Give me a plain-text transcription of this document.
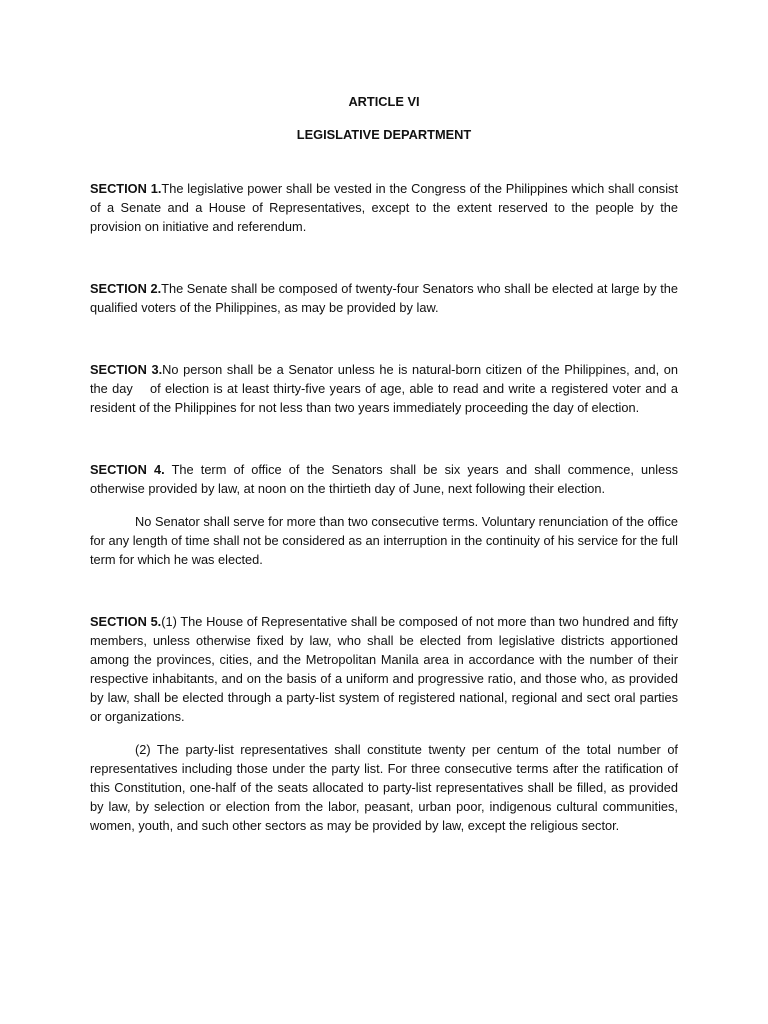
ARTICLE VI
LEGISLATIVE DEPARTMENT

SECTION 1.The legislative power shall be vested in the Congress of the Philippines which shall consist of a Senate and a House of Representatives, except to the extent reserved to the people by the provision on initiative and referendum.

SECTION 2.The Senate shall be composed of twenty-four Senators who shall be elected at large by the qualified voters of the Philippines, as may be provided by law.

SECTION 3.No person shall be a Senator unless he is natural-born citizen of the Philippines, and, on the day of election is at least thirty-five years of age, able to read and write a registered voter and a resident of the Philippines for not less than two years immediately proceeding the day of election.

SECTION 4. The term of office of the Senators shall be six years and shall commence, unless otherwise provided by law, at noon on the thirtieth day of June, next following their election.

No Senator shall serve for more than two consecutive terms. Voluntary renunciation of the office for any length of time shall not be considered as an interruption in the continuity of his service for the full term for which he was elected.

SECTION 5.(1) The House of Representative shall be composed of not more than two hundred and fifty members, unless otherwise fixed by law, who shall be elected from legislative districts apportioned among the provinces, cities, and the Metropolitan Manila area in accordance with the number of their respective inhabitants, and on the basis of a uniform and progressive ratio, and those who, as provided by law, shall be elected through a party-list system of registered national, regional and sect oral parties or organizations.

(2) The party-list representatives shall constitute twenty per centum of the total number of representatives including those under the party list. For three consecutive terms after the ratification of this Constitution, one-half of the seats allocated to party-list representatives shall be filled, as provided by law, by selection or election from the labor, peasant, urban poor, indigenous cultural communities, women, youth, and such other sectors as may be provided by law, except the religious sector.
